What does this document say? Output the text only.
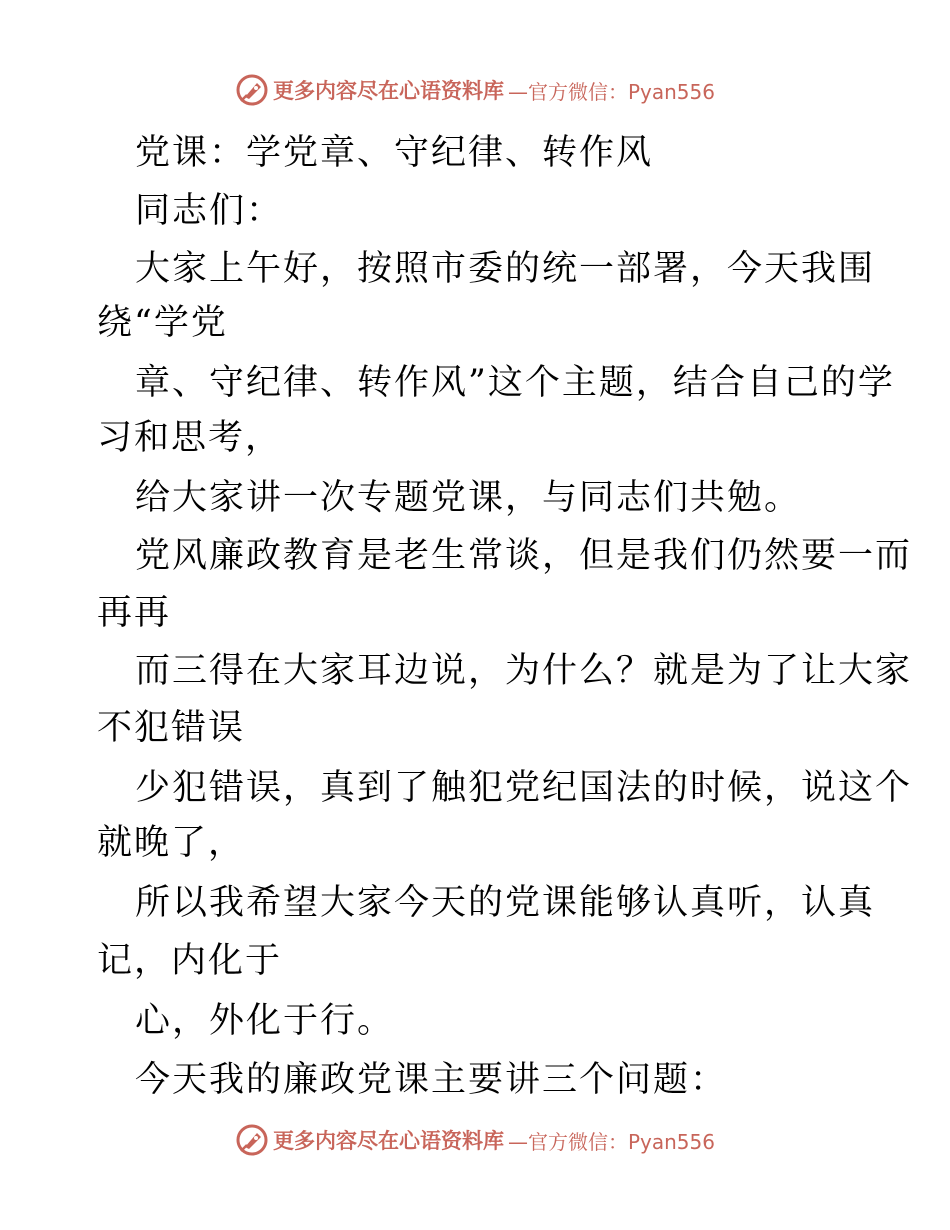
更多内容尽在心语资料库 —官方微信：Pyan556
党课：学党章、守纪律、转作风
同志们：
大家上午好，按照市委的统一部署，今天我围
绕“学党
章、守纪律、转作风”这个主题，结合自己的学
习和思考，
给大家讲一次专题党课，与同志们共勉。
党风廉政教育是老生常谈，但是我们仍然要一而
再再
而三得在大家耳边说，为什么？就是为了让大家
不犯错误
少犯错误，真到了触犯党纪国法的时候，说这个
就晚了，
所以我希望大家今天的党课能够认真听，认真
记，内化于
心，外化于行。
今天我的廉政党课主要讲三个问题：
更多内容尽在心语资料库 —官方微信：Pyan556
